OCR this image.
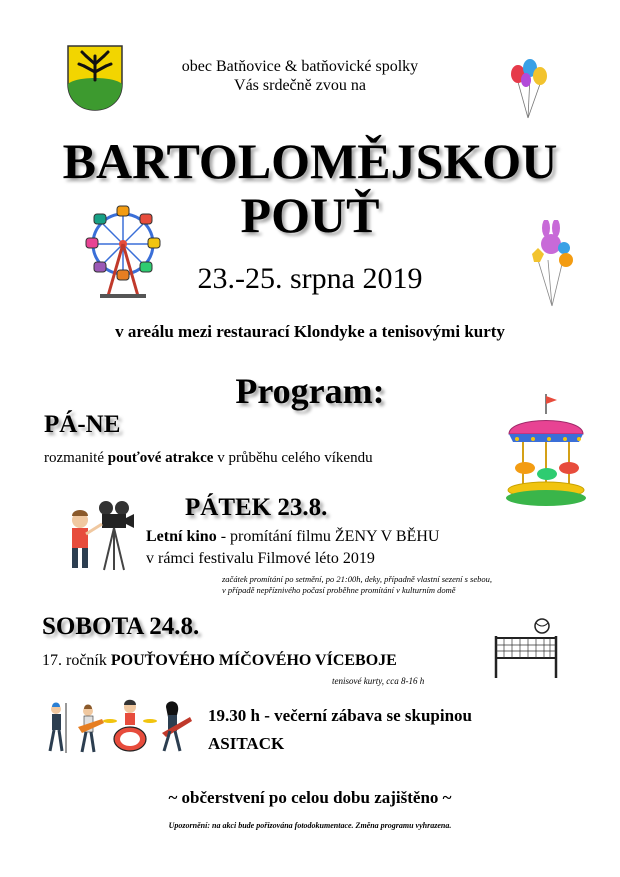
obec Batňovice & batňovické spolky
Vás srdečně zvou na
BARTOLOMĚJSKOU
POUŤ
23.-25. srpna 2019
v areálu mezi restaurací Klondyke a tenisovými kurty
Program:
PÁ-NE
rozmanité pouťové atrakce v průběhu celého víkendu
PÁTEK 23.8.
Letní kino - promítání filmu ŽENY V BĚHU
v rámci festivalu Filmové léto 2019
začátek promítání po setmění, po 21:00h, deky, případně vlastní sezení s sebou,
v případě nepříznivého počasí proběhne promítání v kulturním domě
SOBOTA 24.8.
17. ročník POUŤOVÉHO MÍČOVÉHO VÍCEBOJE
tenisové kurty, cca 8-16 h
19.30 h - večerní zábava se skupinou
ASITACK
~ občerstvení po celou dobu zajištěno ~
Upozornění: na akci bude pořizována fotodokumentace. Změna programu vyhrazena.
